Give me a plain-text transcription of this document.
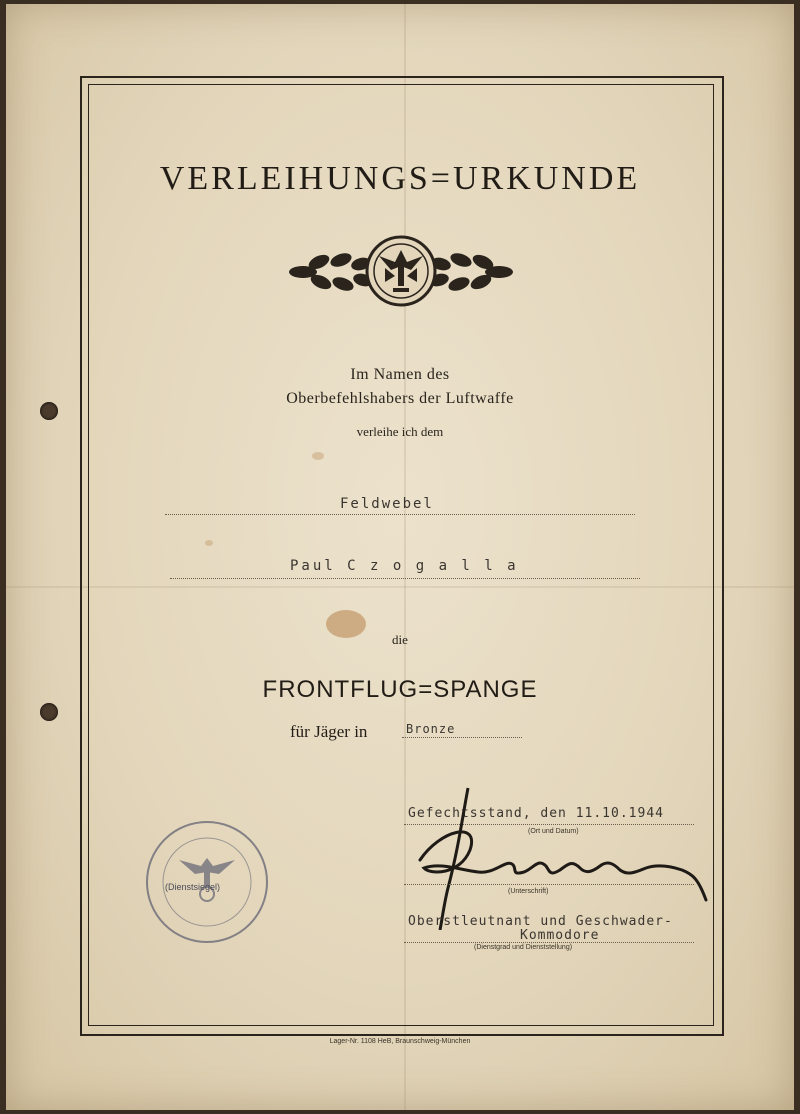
VERLEIHUNGS=URKUNDE
Im Namen des
Oberbefehlshabers der Luftwaffe
verleihe ich dem
Feldwebel
Paul C z o g a l l a
die
FRONTFLUG=SPANGE
für Jäger in	Bronze
(Dienstsiegel)
Gefechtsstand, den 11.10.1944
(Ort und Datum)
(Unterschrift)
Oberstleutnant und Geschwader-
Kommodore
(Dienstgrad und Dienststellung)
Lager-Nr. 1108 HeB, Braunschweig-München
